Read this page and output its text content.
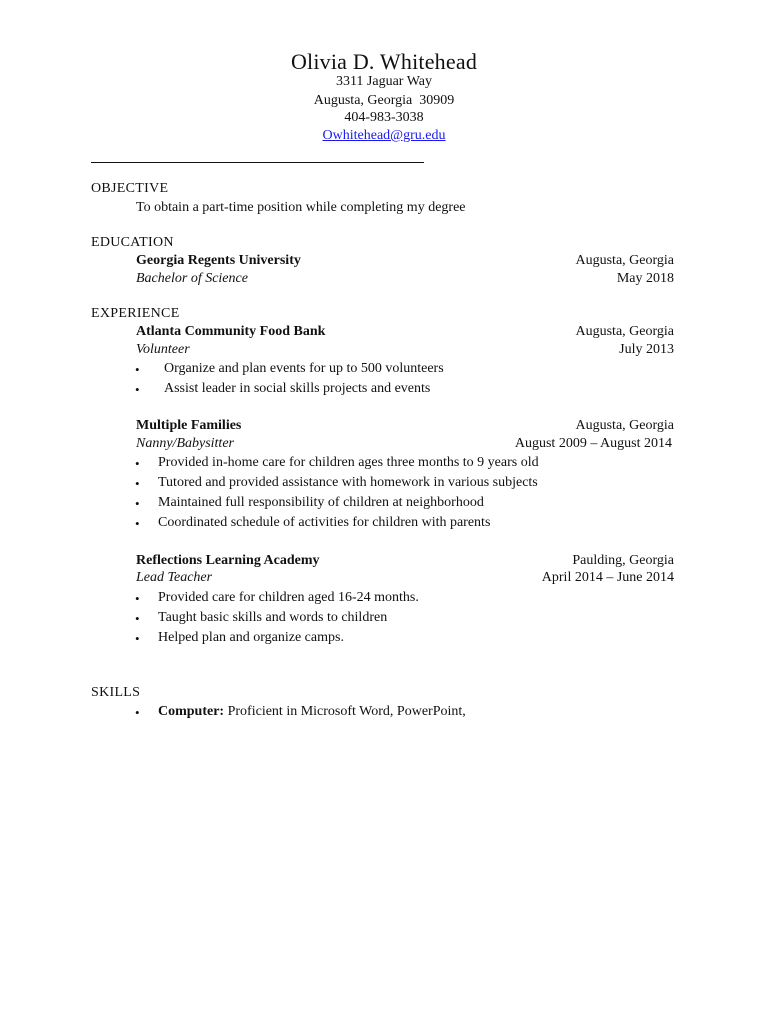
Olivia D. Whitehead
3311 Jaguar Way
Augusta, Georgia  30909
404-983-3038
Owhitehead@gru.edu
OBJECTIVE
To obtain a part-time position while completing my degree
EDUCATION
Georgia Regents University	Augusta, Georgia
Bachelor of Science	May 2018
EXPERIENCE
Atlanta Community Food Bank	Augusta, Georgia
Volunteer	July 2013
• Organize and plan events for up to 500 volunteers
• Assist leader in social skills projects and events
Multiple Families	Augusta, Georgia
Nanny/Babysitter	August 2009 – August 2014
• Provided in-home care for children ages three months to 9 years old
• Tutored and provided assistance with homework in various subjects
• Maintained full responsibility of children at neighborhood
• Coordinated schedule of activities for children with parents
Reflections Learning Academy	Paulding, Georgia
Lead Teacher	April 2014 – June 2014
• Provided care for children aged 16-24 months.
• Taught basic skills and words to children
• Helped plan and organize camps.
SKILLS
• Computer: Proficient in Microsoft Word, PowerPoint,
